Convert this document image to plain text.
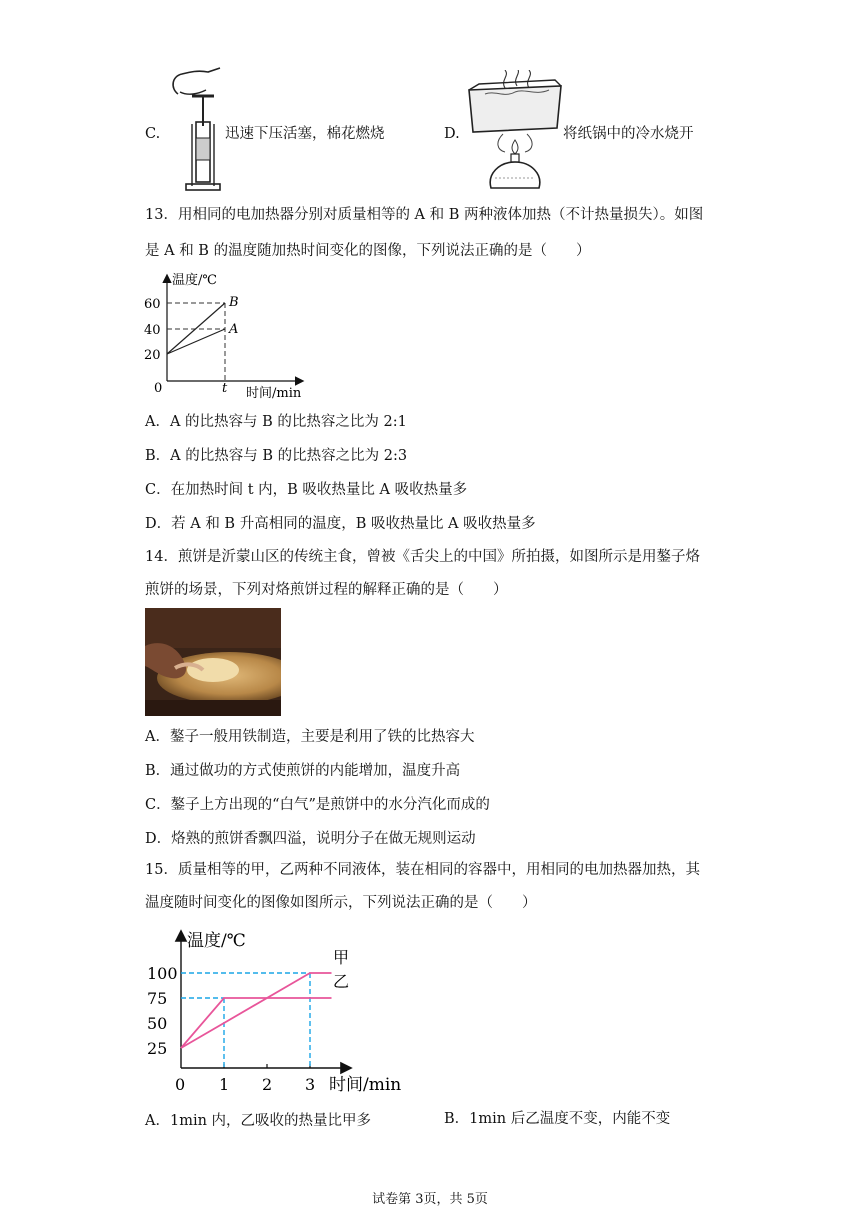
C.	迅速下压活塞，棉花燃烧	D.	将纸锅中的冷水烧开
13．用相同的电加热器分别对质量相等的 A 和 B 两种液体加热（不计热量损失）。如图
是 A 和 B 的温度随加热时间变化的图像，下列说法正确的是（　　）
温度/℃
时间/min
0
60
40
20
t
B
A
A．A 的比热容与 B 的比热容之比为 2:1
B．A 的比热容与 B 的比热容之比为 2:3
C．在加热时间 t 内，B 吸收热量比 A 吸收热量多
D．若 A 和 B 升高相同的温度，B 吸收热量比 A 吸收热量多
14．煎饼是沂蒙山区的传统主食，曾被《舌尖上的中国》所拍摄，如图所示是用鏊子烙
煎饼的场景，下列对烙煎饼过程的解释正确的是（　　）
A．鏊子一般用铁制造，主要是利用了铁的比热容大
B．通过做功的方式使煎饼的内能增加，温度升高
C．鏊子上方出现的“白气”是煎饼中的水分汽化而成的
D．烙熟的煎饼香飘四溢，说明分子在做无规则运动
15．质量相等的甲，乙两种不同液体，装在相同的容器中，用相同的电加热器加热，其
温度随时间变化的图像如图所示，下列说法正确的是（　　）
温度/℃
时间/min
0
25
50
75
100
1 2 3
甲
乙
A．1min 内，乙吸收的热量比甲多	B．1min 后乙温度不变，内能不变
试卷第 3页，共 5页
